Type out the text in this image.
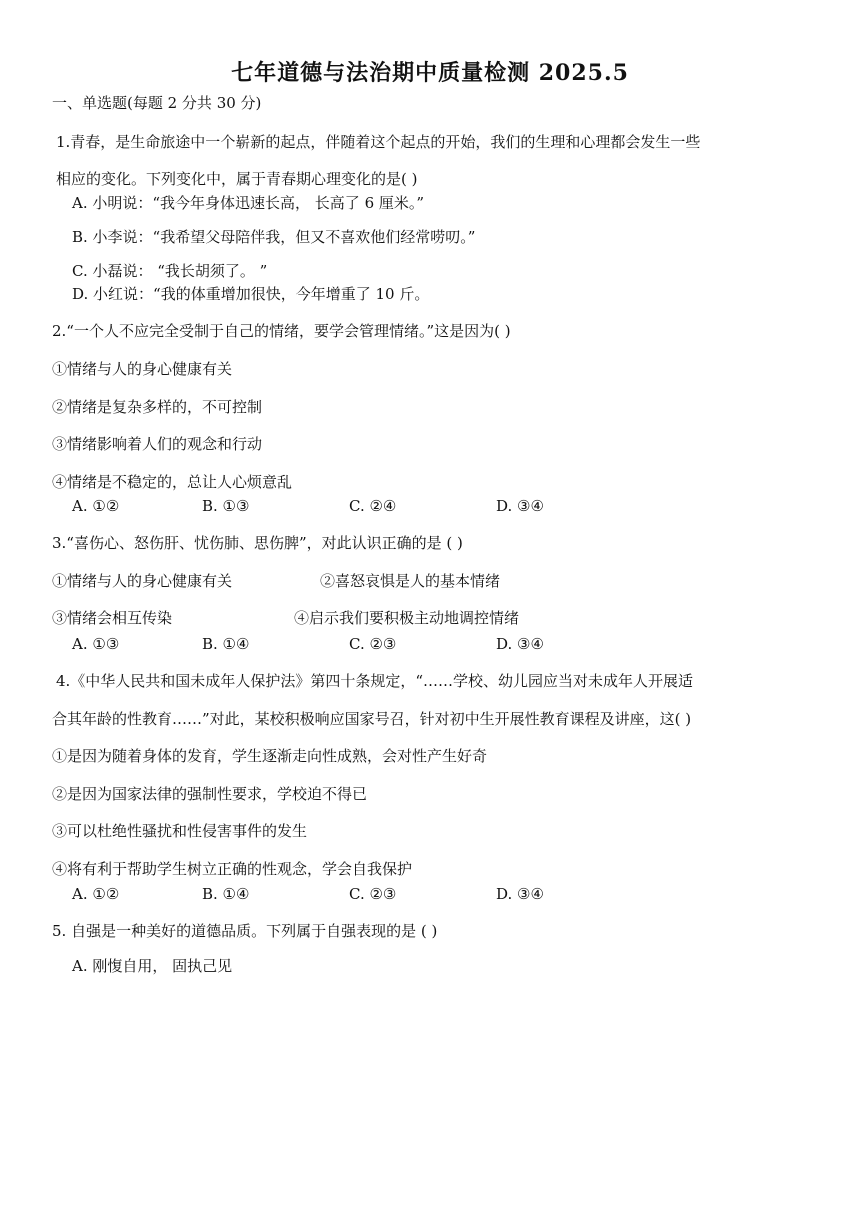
七年道德与法治期中质量检测 2025.5
一、单选题(每题 2 分共 30 分)
1.青春，是生命旅途中一个崭新的起点，伴随着这个起点的开始，我们的生理和心理都会发生一些
相应的变化。下列变化中，属于青春期心理变化的是( )
A. 小明说：“我今年身体迅速长高， 长高了 6 厘米。”
B. 小李说：“我希望父母陪伴我，但又不喜欢他们经常唠叨。”
C. 小磊说： “我长胡须了。 ”
D. 小红说：“我的体重增加很快，今年增重了 10 斤。
2.“一个人不应完全受制于自己的情绪，要学会管理情绪。”这是因为( )
①情绪与人的身心健康有关
②情绪是复杂多样的，不可控制
③情绪影响着人们的观念和行动
④情绪是不稳定的，总让人心烦意乱
A. ①②	B. ①③	C. ②④	D. ③④
3.“喜伤心、怒伤肝、忧伤肺、思伤脾”，对此认识正确的是 ( )
①情绪与人的身心健康有关	②喜怒哀惧是人的基本情绪
③情绪会相互传染	④启示我们要积极主动地调控情绪
A. ①③	B. ①④	C. ②③	D. ③④
4.《中华人民共和国未成年人保护法》第四十条规定，“……学校、幼儿园应当对未成年人开展适
合其年龄的性教育……”对此，某校积极响应国家号召，针对初中生开展性教育课程及讲座，这( )
①是因为随着身体的发育，学生逐渐走向性成熟，会对性产生好奇
②是因为国家法律的强制性要求，学校迫不得已
③可以杜绝性骚扰和性侵害事件的发生
④将有利于帮助学生树立正确的性观念，学会自我保护
A. ①②	B. ①④	C. ②③	D. ③④
5. 自强是一种美好的道德品质。下列属于自强表现的是 ( )
A. 刚愎自用， 固执己见
